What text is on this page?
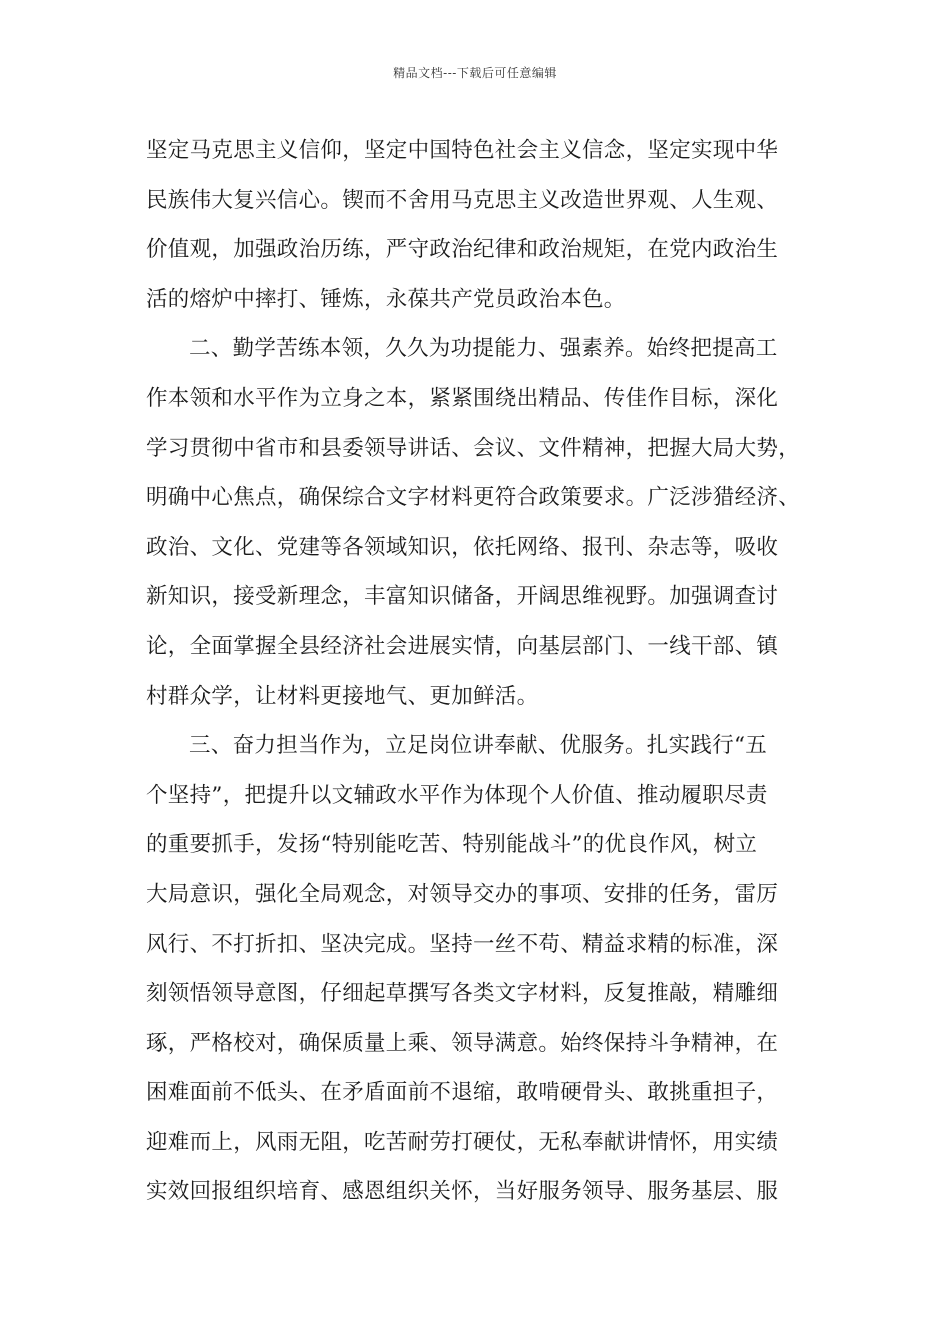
精品文档---下载后可任意编辑
坚定马克思主义信仰，坚定中国特色社会主义信念，坚定实现中华
民族伟大复兴信心。锲而不舍用马克思主义改造世界观、人生观、
价值观，加强政治历练，严守政治纪律和政治规矩，在党内政治生
活的熔炉中摔打、锤炼，永葆共产党员政治本色。
二、勤学苦练本领，久久为功提能力、强素养。始终把提高工
作本领和水平作为立身之本，紧紧围绕出精品、传佳作目标，深化
学习贯彻中省市和县委领导讲话、会议、文件精神，把握大局大势，
明确中心焦点，确保综合文字材料更符合政策要求。广泛涉猎经济、
政治、文化、党建等各领域知识，依托网络、报刊、杂志等，吸收
新知识，接受新理念，丰富知识储备，开阔思维视野。加强调查讨
论，全面掌握全县经济社会进展实情，向基层部门、一线干部、镇
村群众学，让材料更接地气、更加鲜活。
三、奋力担当作为，立足岗位讲奉献、优服务。扎实践行“五
个坚持”，把提升以文辅政水平作为体现个人价值、推动履职尽责
的重要抓手，发扬“特别能吃苦、特别能战斗”的优良作风，树立
大局意识，强化全局观念，对领导交办的事项、安排的任务，雷厉
风行、不打折扣、坚决完成。坚持一丝不苟、精益求精的标准，深
刻领悟领导意图，仔细起草撰写各类文字材料，反复推敲，精雕细
琢，严格校对，确保质量上乘、领导满意。始终保持斗争精神，在
困难面前不低头、在矛盾面前不退缩，敢啃硬骨头、敢挑重担子，
迎难而上，风雨无阻，吃苦耐劳打硬仗，无私奉献讲情怀，用实绩
实效回报组织培育、感恩组织关怀，当好服务领导、服务基层、服
